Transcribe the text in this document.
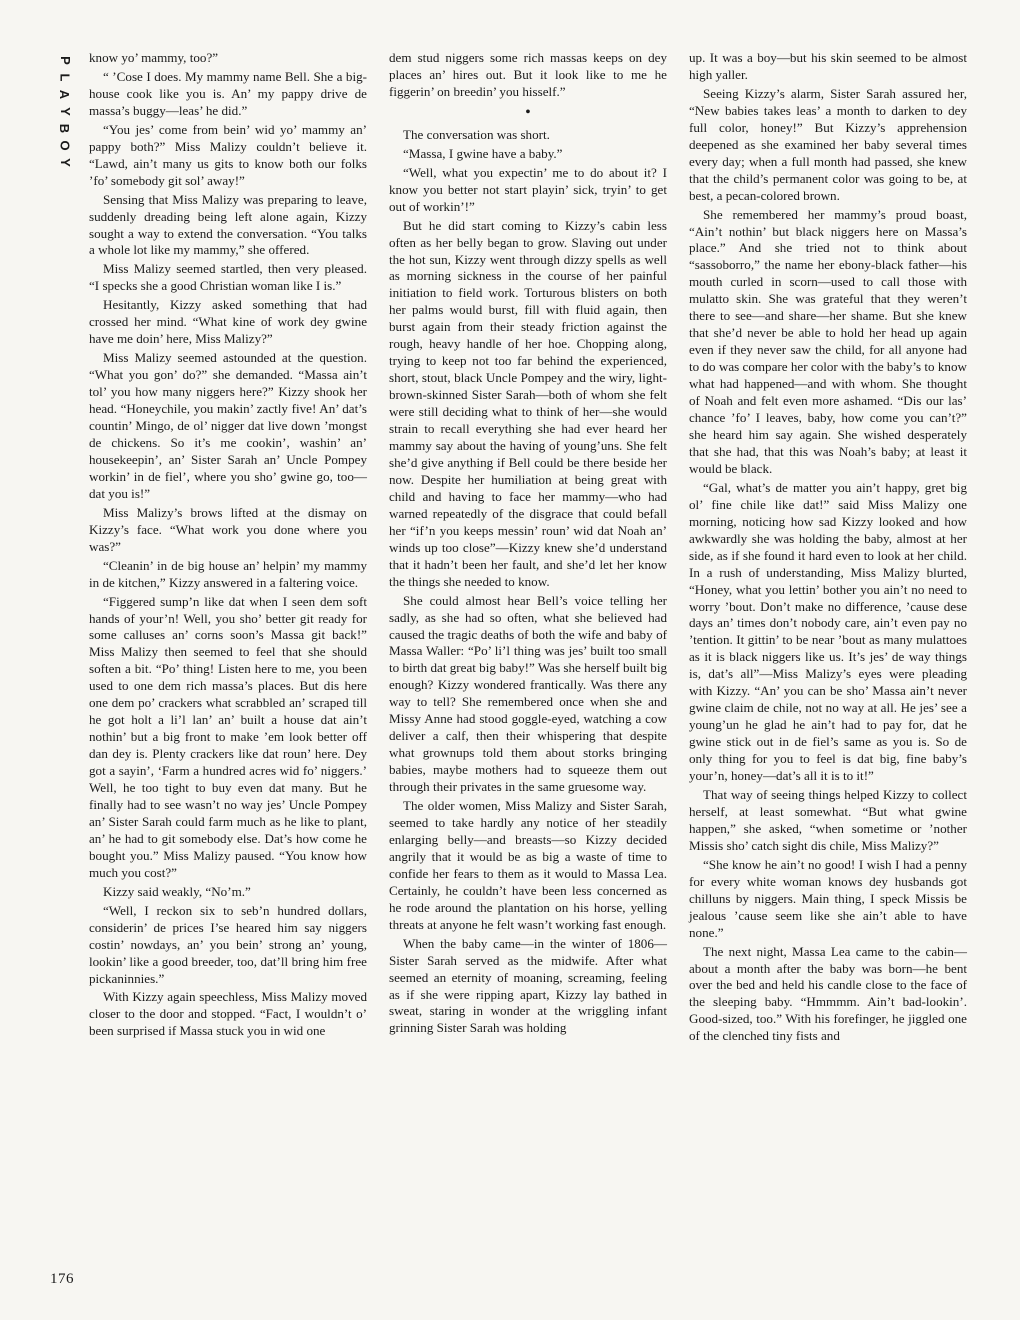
P
L
A
Y
B
O
Y

know yo’ mammy, too?”

“ ’Cose I does. My mammy name Bell. She a big-house cook like you is. An’ my pappy drive de massa’s buggy—leas’ he did.”

“You jes’ come from bein’ wid yo’ mammy an’ pappy both?” Miss Malizy couldn’t believe it. “Lawd, ain’t many us gits to know both our folks ’fo’ somebody git sol’ away!”

Sensing that Miss Malizy was preparing to leave, suddenly dreading being left alone again, Kizzy sought a way to extend the conversation. “You talks a whole lot like my mammy,” she offered.

Miss Malizy seemed startled, then very pleased. “I specks she a good Christian woman like I is.”

Hesitantly, Kizzy asked something that had crossed her mind. “What kine of work dey gwine have me doin’ here, Miss Malizy?”

Miss Malizy seemed astounded at the question. “What you gon’ do?” she demanded. “Massa ain’t tol’ you how many niggers here?” Kizzy shook her head. “Honeychile, you makin’ zactly five! An’ dat’s countin’ Mingo, de ol’ nigger dat live down ’mongst de chickens. So it’s me cookin’, washin’ an’ housekeepin’, an’ Sister Sarah an’ Uncle Pompey workin’ in de fiel’, where you sho’ gwine go, too—dat you is!”

Miss Malizy’s brows lifted at the dismay on Kizzy’s face. “What work you done where you was?”

“Cleanin’ in de big house an’ helpin’ my mammy in de kitchen,” Kizzy answered in a faltering voice.

“Figgered sump’n like dat when I seen dem soft hands of your’n! Well, you sho’ better git ready for some calluses an’ corns soon’s Massa git back!” Miss Malizy then seemed to feel that she should soften a bit. “Po’ thing! Listen here to me, you been used to one dem rich massa’s places. But dis here one dem po’ crackers what scrabbled an’ scraped till he got holt a li’l lan’ an’ built a house dat ain’t nothin’ but a big front to make ’em look better off dan dey is. Plenty crackers like dat roun’ here. Dey got a sayin’, ‘Farm a hundred acres wid fo’ niggers.’ Well, he too tight to buy even dat many. But he finally had to see wasn’t no way jes’ Uncle Pompey an’ Sister Sarah could farm much as he like to plant, an’ he had to git somebody else. Dat’s how come he bought you.” Miss Malizy paused. “You know how much you cost?”

Kizzy said weakly, “No’m.”

“Well, I reckon six to seb’n hundred dollars, considerin’ de prices I’se heared him say niggers costin’ nowdays, an’ you bein’ strong an’ young, lookin’ like a good breeder, too, dat’ll bring him free pickaninnies.”

With Kizzy again speechless, Miss Malizy moved closer to the door and stopped. “Fact, I wouldn’t o’ been surprised if Massa stuck you in wid one

dem stud niggers some rich massas keeps on dey places an’ hires out. But it look like to me he figgerin’ on breedin’ you hisself.”

•

The conversation was short.

“Massa, I gwine have a baby.”

“Well, what you expectin’ me to do about it? I know you better not start playin’ sick, tryin’ to get out of workin’!”

But he did start coming to Kizzy’s cabin less often as her belly began to grow. Slaving out under the hot sun, Kizzy went through dizzy spells as well as morning sickness in the course of her painful initiation to field work. Torturous blisters on both her palms would burst, fill with fluid again, then burst again from their steady friction against the rough, heavy handle of her hoe. Chopping along, trying to keep not too far behind the experienced, short, stout, black Uncle Pompey and the wiry, light-brown-skinned Sister Sarah—both of whom she felt were still deciding what to think of her—she would strain to recall everything she had ever heard her mammy say about the having of young’uns. She felt she’d give anything if Bell could be there beside her now. Despite her humiliation at being great with child and having to face her mammy—who had warned repeatedly of the disgrace that could befall her “if’n you keeps messin’ roun’ wid dat Noah an’ winds up too close”—Kizzy knew she’d understand that it hadn’t been her fault, and she’d let her know the things she needed to know.

She could almost hear Bell’s voice telling her sadly, as she had so often, what she believed had caused the tragic deaths of both the wife and baby of Massa Waller: “Po’ li’l thing was jes’ built too small to birth dat great big baby!” Was she herself built big enough? Kizzy wondered frantically. Was there any way to tell? She remembered once when she and Missy Anne had stood goggle-eyed, watching a cow deliver a calf, then their whispering that despite what grownups told them about storks bringing babies, maybe mothers had to squeeze them out through their privates in the same gruesome way.

The older women, Miss Malizy and Sister Sarah, seemed to take hardly any notice of her steadily enlarging belly—and breasts—so Kizzy decided angrily that it would be as big a waste of time to confide her fears to them as it would to Massa Lea. Certainly, he couldn’t have been less concerned as he rode around the plantation on his horse, yelling threats at anyone he felt wasn’t working fast enough.

When the baby came—in the winter of 1806—Sister Sarah served as the midwife. After what seemed an eternity of moaning, screaming, feeling as if she were ripping apart, Kizzy lay bathed in sweat, staring in wonder at the wriggling infant grinning Sister Sarah was holding

up. It was a boy—but his skin seemed to be almost high yaller.

Seeing Kizzy’s alarm, Sister Sarah assured her, “New babies takes leas’ a month to darken to dey full color, honey!” But Kizzy’s apprehension deepened as she examined her baby several times every day; when a full month had passed, she knew that the child’s permanent color was going to be, at best, a pecan-colored brown.

She remembered her mammy’s proud boast, “Ain’t nothin’ but black niggers here on Massa’s place.” And she tried not to think about “sassoborro,” the name her ebony-black father—his mouth curled in scorn—used to call those with mulatto skin. She was grateful that they weren’t there to see—and share—her shame. But she knew that she’d never be able to hold her head up again even if they never saw the child, for all anyone had to do was compare her color with the baby’s to know what had happened—and with whom. She thought of Noah and felt even more ashamed. “Dis our las’ chance ’fo’ I leaves, baby, how come you can’t?” she heard him say again. She wished desperately that she had, that this was Noah’s baby; at least it would be black.

“Gal, what’s de matter you ain’t happy, gret big ol’ fine chile like dat!” said Miss Malizy one morning, noticing how sad Kizzy looked and how awkwardly she was holding the baby, almost at her side, as if she found it hard even to look at her child. In a rush of understanding, Miss Malizy blurted, “Honey, what you lettin’ bother you ain’t no need to worry ’bout. Don’t make no difference, ’cause dese days an’ times don’t nobody care, ain’t even pay no ’tention. It gittin’ to be near ’bout as many mulattoes as it is black niggers like us. It’s jes’ de way things is, dat’s all”—Miss Malizy’s eyes were pleading with Kizzy. “An’ you can be sho’ Massa ain’t never gwine claim de chile, not no way at all. He jes’ see a young’un he glad he ain’t had to pay for, dat he gwine stick out in de fiel’s same as you is. So de only thing for you to feel is dat big, fine baby’s your’n, honey—dat’s all it is to it!”

That way of seeing things helped Kizzy to collect herself, at least somewhat. “But what gwine happen,” she asked, “when sometime or ’nother Missis sho’ catch sight dis chile, Miss Malizy?”

“She know he ain’t no good! I wish I had a penny for every white woman knows dey husbands got chilluns by niggers. Main thing, I speck Missis be jealous ’cause seem like she ain’t able to have none.”

The next night, Massa Lea came to the cabin—about a month after the baby was born—he bent over the bed and held his candle close to the face of the sleeping baby. “Hmmmm. Ain’t bad-lookin’. Good-sized, too.” With his forefinger, he jiggled one of the clenched tiny fists and

176
